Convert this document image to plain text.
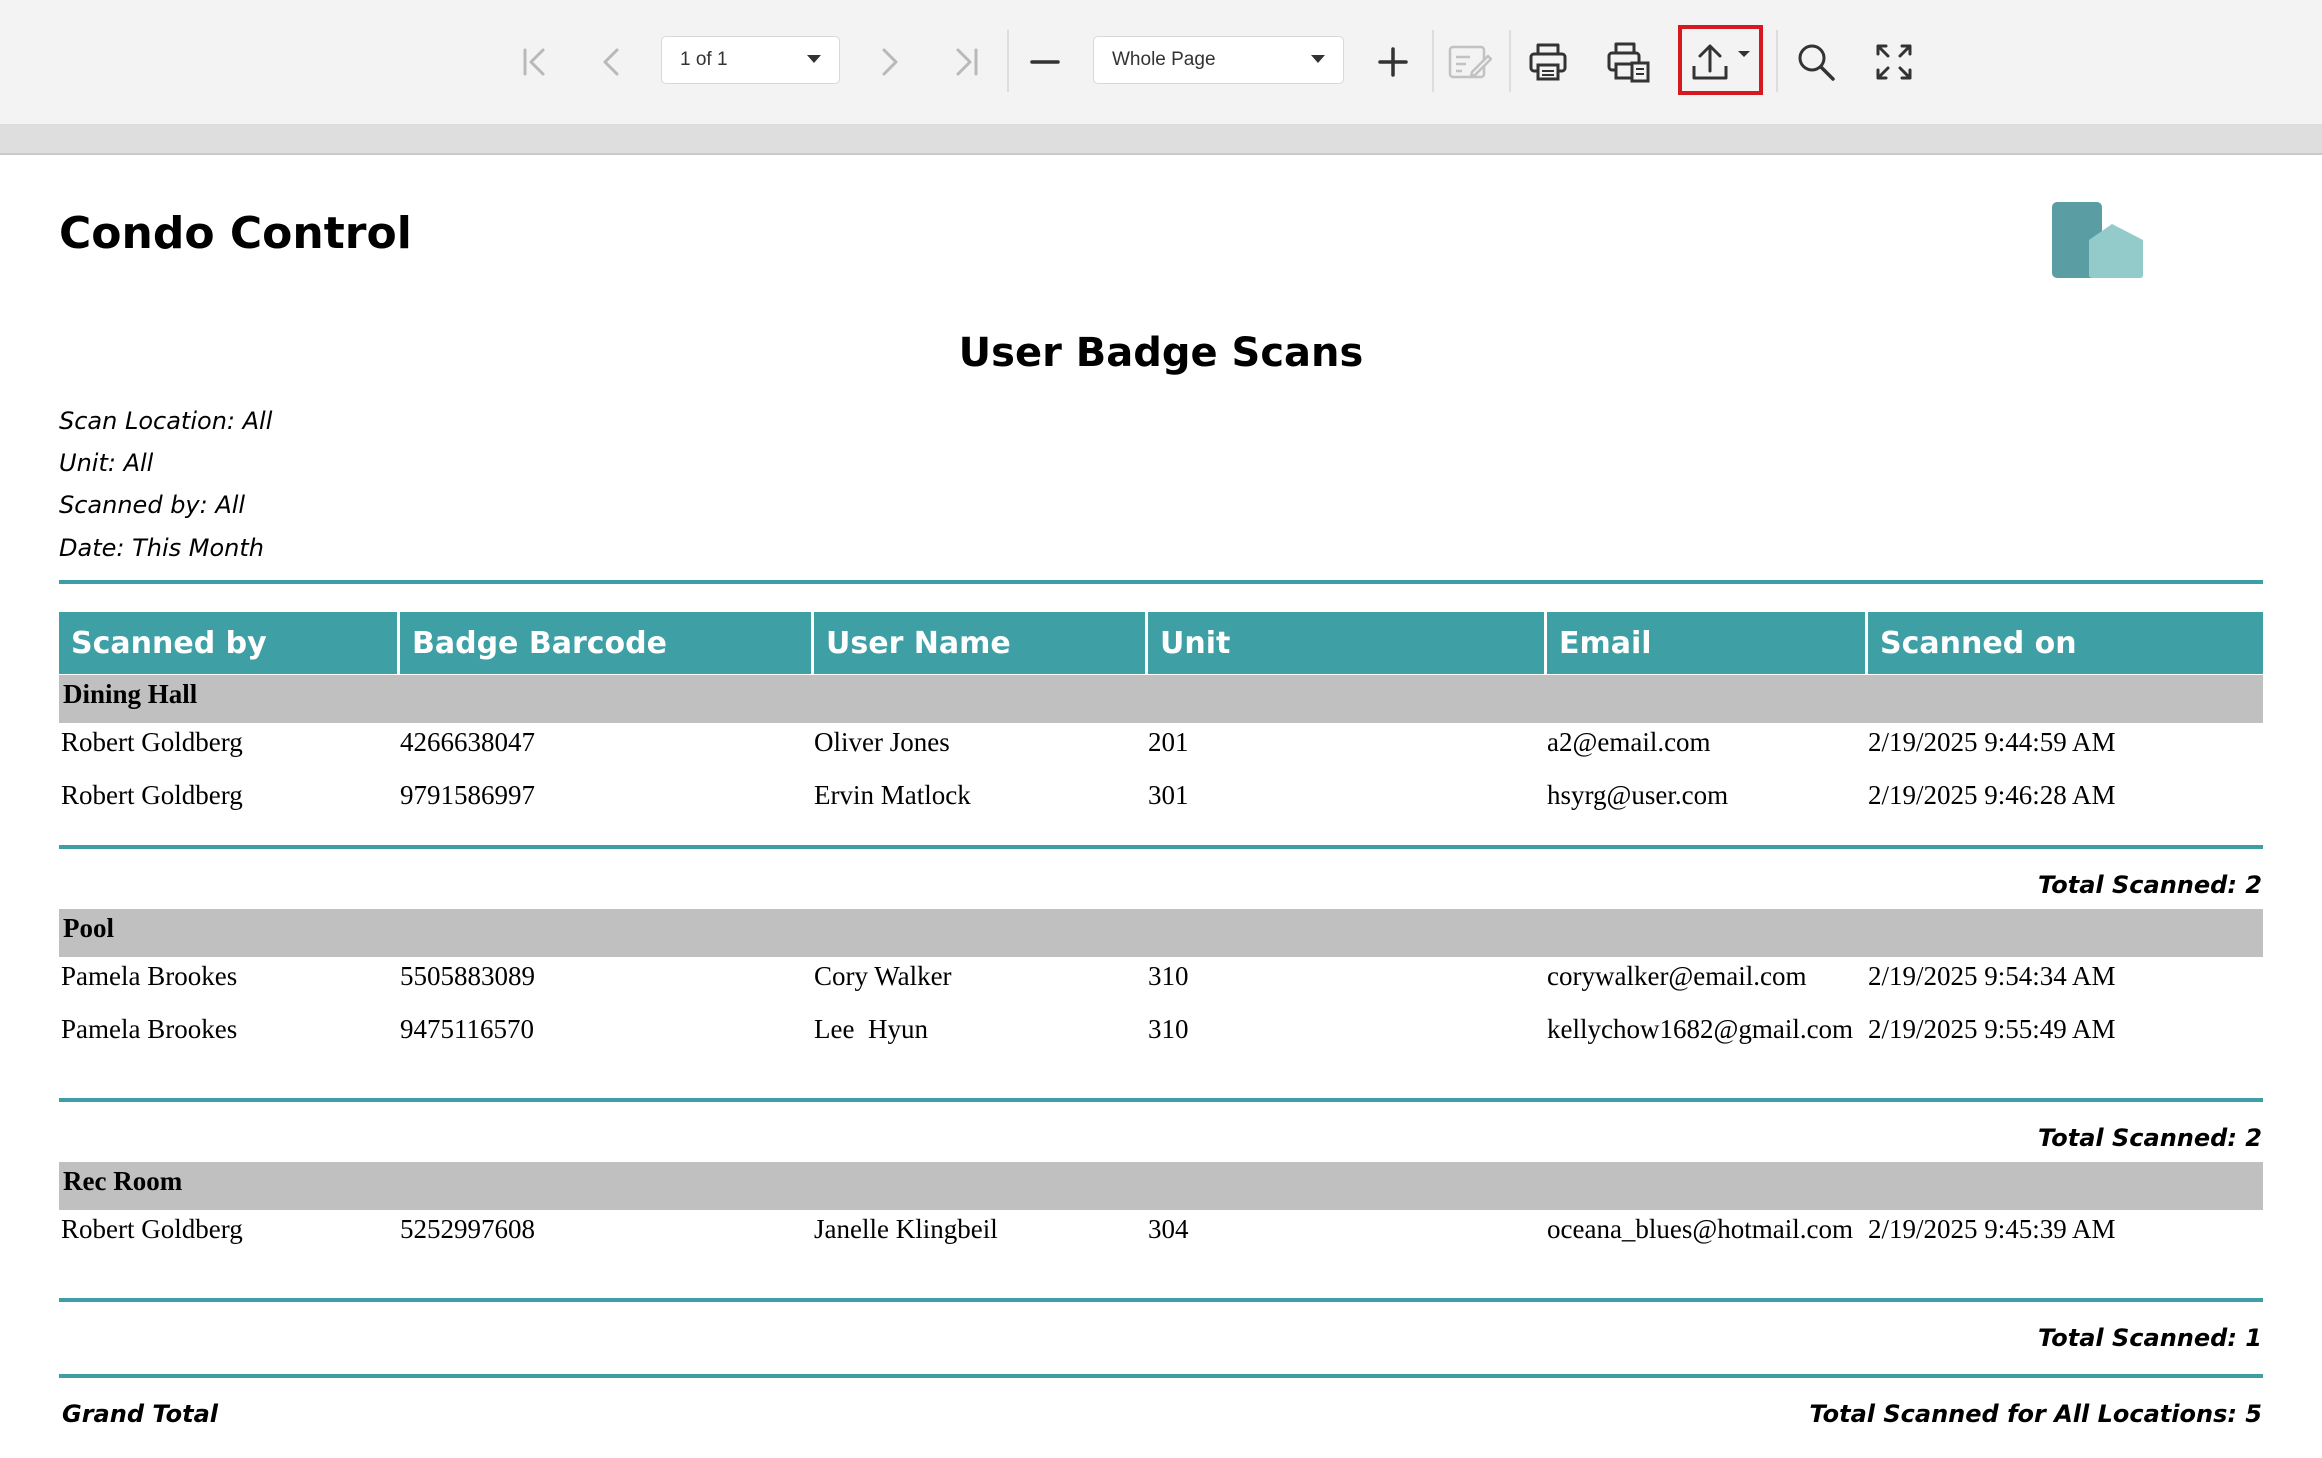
1 of 1	Whole Page
Condo Control
User Badge Scans
Scan Location: All
Unit: All
Scanned by: All
Date: This Month
Scanned by	Badge Barcode	User Name	Unit	Email	Scanned on
Dining Hall
Robert Goldberg	4266638047	Oliver Jones	201	a2@email.com	2/19/2025 9:44:59 AM
Robert Goldberg	9791586997	Ervin Matlock	301	hsyrg@user.com	2/19/2025 9:46:28 AM
Total Scanned: 2
Pool
Pamela Brookes	5505883089	Cory Walker	310	corywalker@email.com	2/19/2025 9:54:34 AM
Pamela Brookes	9475116570	Lee  Hyun	310	kellychow1682@gmail.com 2/19/2025 9:55:49 AM
Total Scanned: 2
Rec Room
Robert Goldberg	5252997608	Janelle Klingbeil	304	oceana_blues@hotmail.com 2/19/2025 9:45:39 AM
Total Scanned: 1
Grand Total	Total Scanned for All Locations: 5
